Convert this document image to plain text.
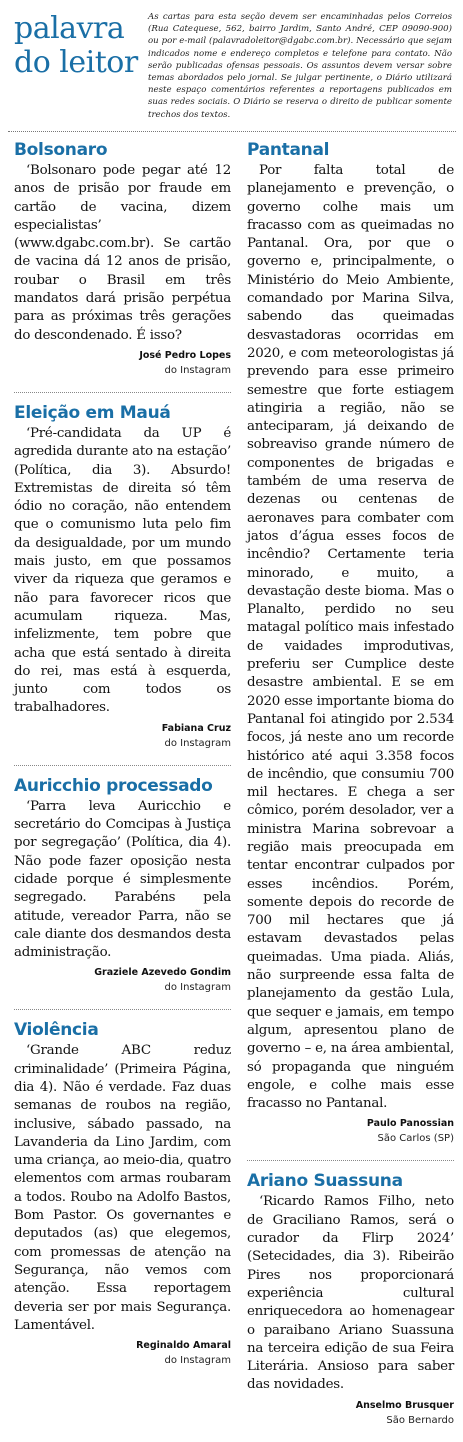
palavra
do leitor
As cartas para esta seção devem ser encaminhadas pelos Correios (Rua Catequese, 562, bairro Jardim, Santo André, CEP 09090-900) ou por e-mail (palavradoleitor@dgabc.com.br). Necessário que sejam indicados nome e endereço completos e telefone para contato. Não serão publicadas ofensas pessoais. Os assuntos devem versar sobre temas abordados pelo jornal. Se julgar pertinente, o Diário utilizará neste espaço comentários referentes a reportagens publicados em suas redes sociais. O Diário se reserva o direito de publicar somente trechos dos textos.
Bolsonaro

‘Bolsonaro pode pegar até 12 anos de prisão por fraude em cartão de vacina, dizem especialistas’ (www.dgabc.com.br). Se cartão de vacina dá 12 anos de prisão, roubar o Brasil em três mandatos dará prisão perpétua para as próximas três gerações do descondenado. É isso?

José Pedro Lopes
do Instagram
Eleição em Mauá

‘Pré-candidata da UP é agredida durante ato na estação’ (Política, dia 3). Absurdo! Extremistas de direita só têm ódio no coração, não entendem que o comunismo luta pelo fim da desigualdade, por um mundo mais justo, em que possamos viver da riqueza que geramos e não para favorecer ricos que acumulam riqueza. Mas, infelizmente, tem pobre que acha que está sentado à direita do rei, mas está à esquerda, junto com todos os trabalhadores.

Fabiana Cruz
do Instagram
Auricchio processado

‘Parra leva Auricchio e secretário do Comcipas à Justiça por segregação’ (Política, dia 4). Não pode fazer oposição nesta cidade porque é simplesmente segregado. Parabéns pela atitude, vereador Parra, não se cale diante dos desmandos desta administração.

Graziele Azevedo Gondim
do Instagram
Violência

‘Grande ABC reduz criminalidade’ (Primeira Página, dia 4). Não é verdade. Faz duas semanas de roubos na região, inclusive, sábado passado, na Lavanderia da Lino Jardim, com uma criança, ao meio-dia, quatro elementos com armas roubaram a todos. Roubo na Adolfo Bastos, Bom Pastor. Os governantes e deputados (as) que elegemos, com promessas de atenção na Segurança, não vemos com atenção. Essa reportagem deveria ser por mais Segurança. Lamentável.

Reginaldo Amaral
do Instagram
Pantanal

Por falta total de planejamento e prevenção, o governo colhe mais um fracasso com as queimadas no Pantanal. Ora, por que o governo e, principalmente, o Ministério do Meio Ambiente, comandado por Marina Silva, sabendo das queimadas desvastadoras ocorridas em 2020, e com meteorologistas já prevendo para esse primeiro semestre que forte estiagem atingiria a região, não se anteciparam, já deixando de sobreaviso grande número de componentes de brigadas e também de uma reserva de dezenas ou centenas de aeronaves para combater com jatos d’água esses focos de incêndio? Certamente teria minorado, e muito, a devastação deste bioma. Mas o Planalto, perdido no seu matagal político mais infestado de vaidades improdutivas, preferiu ser Cumplice deste desastre ambiental. E se em 2020 esse importante bioma do Pantanal foi atingido por 2.534 focos, já neste ano um recorde histórico até aqui 3.358 focos de incêndio, que consumiu 700 mil hectares. E chega a ser cômico, porém desolador, ver a ministra Marina sobrevoar a região mais preocupada em tentar encontrar culpados por esses incêndios. Porém, somente depois do recorde de 700 mil hectares que já estavam devastados pelas queimadas. Uma piada. Aliás, não surpreende essa falta de planejamento da gestão Lula, que sequer e jamais, em tempo algum, apresentou plano de governo – e, na área ambiental, só propaganda que ninguém engole, e colhe mais esse fracasso no Pantanal.

Paulo Panossian
São Carlos (SP)
Ariano Suassuna

‘Ricardo Ramos Filho, neto de Graciliano Ramos, será o curador da Flirp 2024’ (Setecidades, dia 3). Ribeirão Pires nos proporcionará experiência cultural enriquecedora ao homenagear o paraibano Ariano Suassuna na terceira edição de sua Feira Literária. Ansioso para saber das novidades.

Anselmo Brusquer
São Bernardo
